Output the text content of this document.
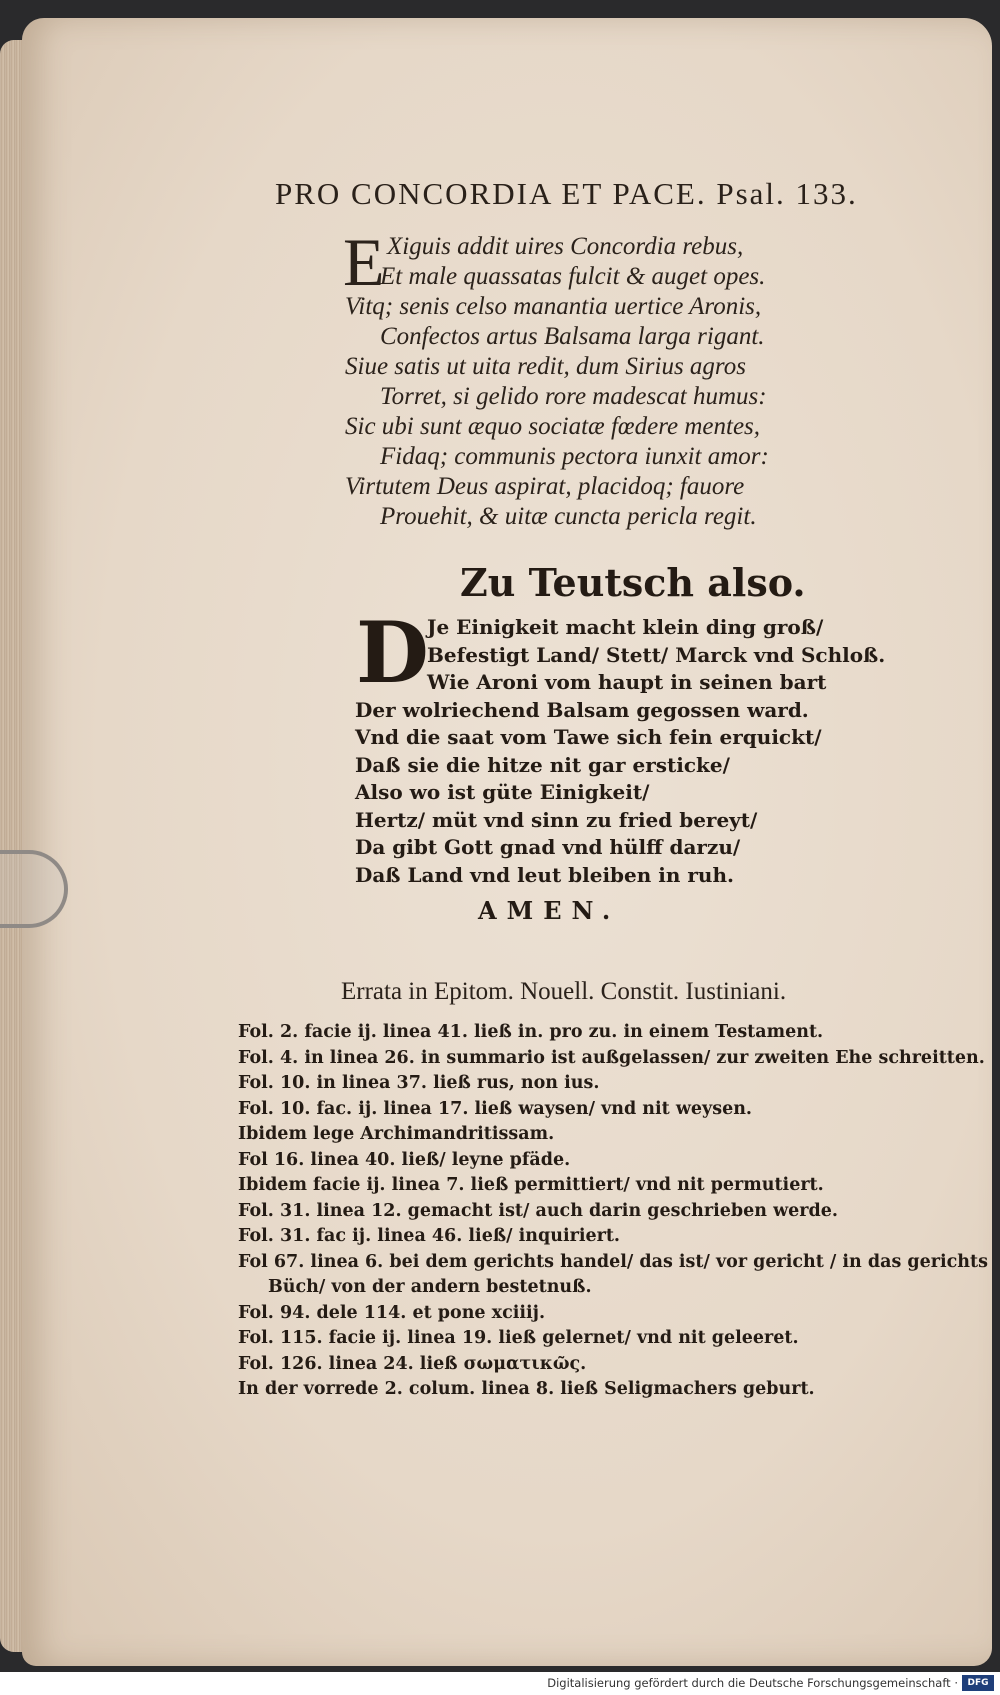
PRO CONCORDIA ET PACE. Psal. 133.
E Xiguis addit uires Concordia rebus,
Et male quassatas fulcit & auget opes.
Vitq; senis celso manantia uertice Aronis,
Confectos artus Balsama larga rigant.
Siue satis ut uita redit, dum Sirius agros
Torret, si gelido rore madescat humus:
Sic ubi sunt æquo sociatæ fœdere mentes,
Fidaq; communis pectora iunxit amor:
Virtutem Deus aspirat, placidoq; fauore
Prouehit, & uitæ cuncta pericla regit.
Zu Teutsch also.
D
Je Einigkeit macht klein ding groß/
Befestigt Land/ Stett/ Marck vnd Schloß.
Wie Aroni vom haupt in seinen bart
Der wolriechend Balsam gegossen ward.
Vnd die saat vom Tawe sich fein erquickt/
Daß sie die hitze nit gar ersticke/
Also wo ist güte Einigkeit/
Hertz/ müt vnd sinn zu fried bereyt/
Da gibt Gott gnad vnd hülff darzu/
Daß Land vnd leut bleiben in ruh.
AMEN.
Errata in Epitom. Nouell. Constit. Iustiniani.
Fol. 2. facie ij. linea 41. ließ in. pro zu. in einem Testament.
Fol. 4. in linea 26. in summario ist außgelassen/ zur zweiten Ehe schreitten.
Fol. 10. in linea 37. ließ rus, non ius.
Fol. 10. fac. ij. linea 17. ließ waysen/ vnd nit weysen.
Ibidem lege Archimandritissam.
Fol 16. linea 40. ließ/ leyne pfäde.
Ibidem facie ij. linea 7. ließ permittiert/ vnd nit permutiert.
Fol. 31. linea 12. gemacht ist/ auch darin geschrieben werde.
Fol. 31. fac ij. linea 46. ließ/ inquiriert.
Fol 67. linea 6. bei dem gerichts handel/ das ist/ vor gericht / in das gerichts
Büch/ von der andern bestetnuß.
Fol. 94. dele 114. et pone xciiij.
Fol. 115. facie ij. linea 19. ließ gelernet/ vnd nit geleeret.
Fol. 126. linea 24. ließ σωματικῶς.
In der vorrede 2. colum. linea 8. ließ Seligmachers geburt.
Digitalisierung gefördert durch die Deutsche Forschungsgemeinschaft ·	DFG
